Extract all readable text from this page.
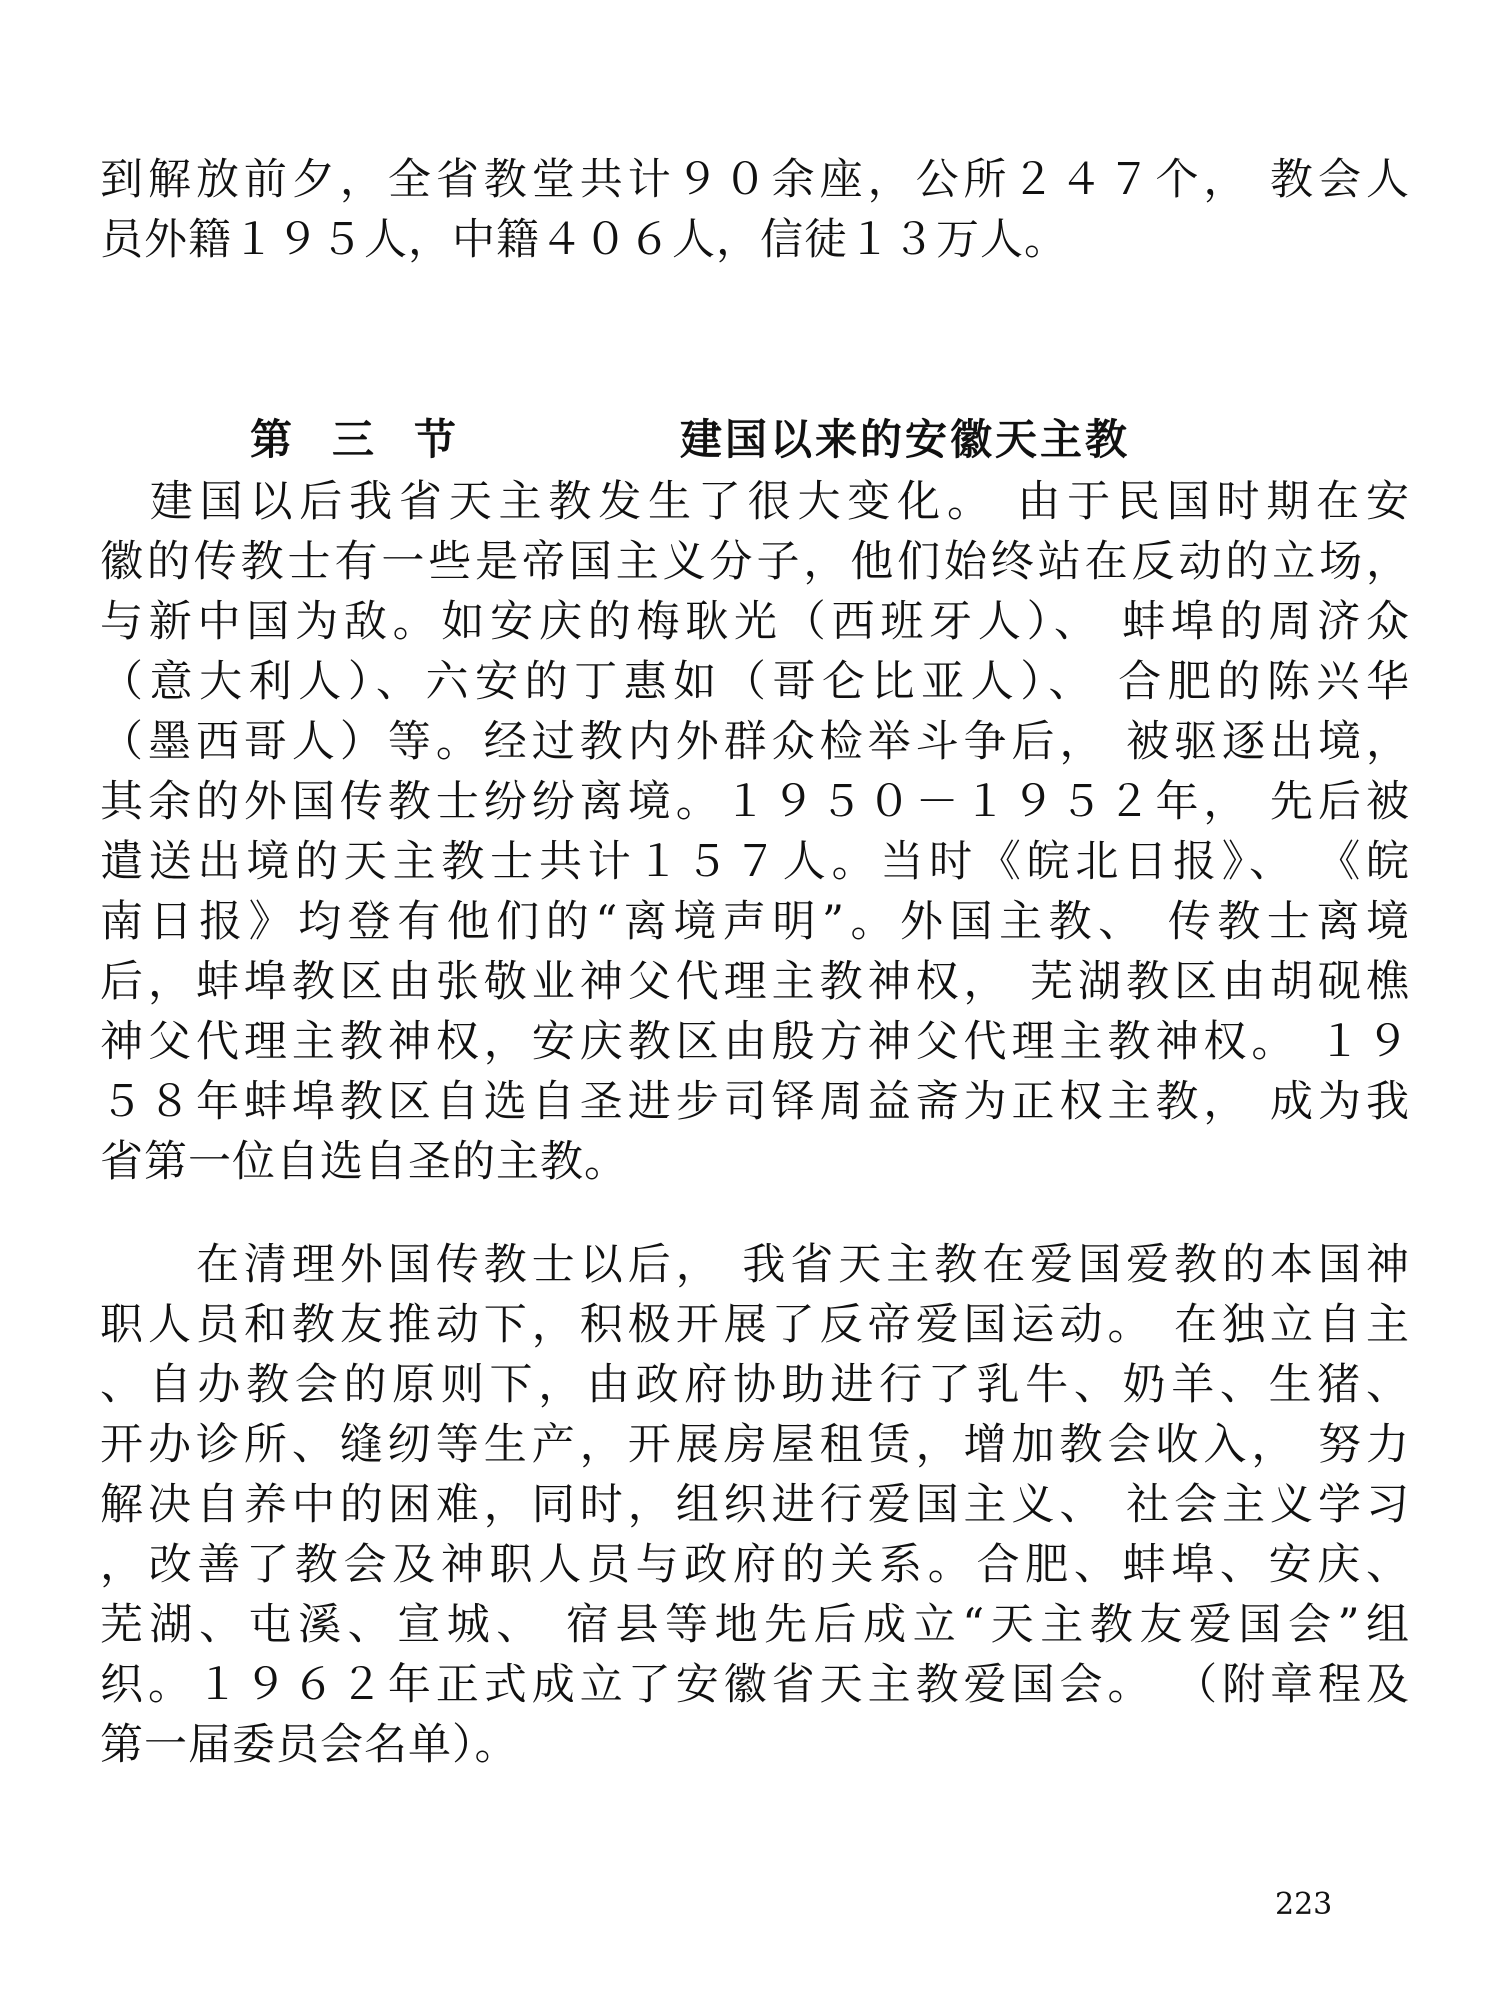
到解放前夕，全省教堂共计９０余座，公所２４７个， 教会人
员外籍１９５人，中籍４０６人，信徒１３万人。
第三节	建国以来的安徽天主教
　建国以后我省天主教发生了很大变化。 由于民国时期在安
徽的传教士有一些是帝国主义分子，他们始终站在反动的立场，
与新中国为敌。如安庆的梅耿光（西班牙人）、 蚌埠的周济众
（意大利人）、六安的丁惠如（哥仑比亚人）、 合肥的陈兴华
（墨西哥人）等。经过教内外群众检举斗争后， 被驱逐出境，
其余的外国传教士纷纷离境。１９５０－１９５２年， 先后被
遣送出境的天主教士共计１５７人。当时《皖北日报》、 《皖
南日报》均登有他们的“离境声明”。外国主教、 传教士离境
后，蚌埠教区由张敬业神父代理主教神权， 芜湖教区由胡砚樵
神父代理主教神权，安庆教区由殷方神父代理主教神权。 １９
５８年蚌埠教区自选自圣进步司铎周益斋为正权主教， 成为我
省第一位自选自圣的主教。
　　在清理外国传教士以后， 我省天主教在爱国爱教的本国神
职人员和教友推动下，积极开展了反帝爱国运动。 在独立自主
、自办教会的原则下，由政府协助进行了乳牛、奶羊、生猪、
开办诊所、缝纫等生产，开展房屋租赁，增加教会收入， 努力
解决自养中的困难，同时，组织进行爱国主义、 社会主义学习
，改善了教会及神职人员与政府的关系。合肥、蚌埠、安庆、
芜湖、屯溪、宣城、 宿县等地先后成立“天主教友爱国会”组
织。１９６２年正式成立了安徽省天主教爱国会。 （附章程及
第一届委员会名单）。
223
